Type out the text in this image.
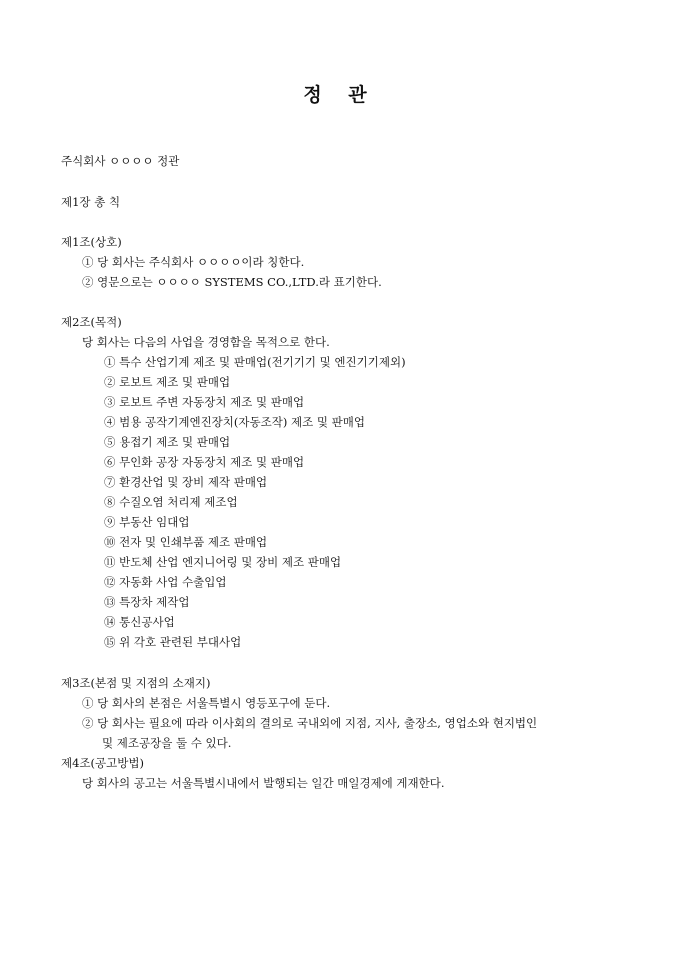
정 관
주식회사 ㅇㅇㅇㅇ 정관
제1장 총 칙
제1조(상호)
① 당 회사는 주식회사 ㅇㅇㅇㅇ이라 칭한다.
② 영문으로는 ㅇㅇㅇㅇ SYSTEMS CO.,LTD.라 표기한다.
제2조(목적)
당 회사는 다음의 사업을 경영함을 목적으로 한다.
① 특수 산업기계 제조 및 판매업(전기기기 및 엔진기기제외)
② 로보트 제조 및 판매업
③ 로보트 주변 자동장치 제조 및 판매업
④ 범용 공작기계엔진장치(자동조작) 제조 및 판매업
⑤ 용접기 제조 및 판매업
⑥ 무인화 공장 자동장치 제조 및 판매업
⑦ 환경산업 및 장비 제작 판매업
⑧ 수질오염 처리제 제조업
⑨ 부동산 임대업
⑩ 전자 및 인쇄부품 제조 판매업
⑪ 반도체 산업 엔지니어링 및 장비 제조 판매업
⑫ 자동화 사업 수출입업
⑬ 특장차 제작업
⑭ 통신공사업
⑮ 위 각호 관련된 부대사업
제3조(본점 및 지점의 소재지)
① 당 회사의 본점은 서울특별시 영등포구에 둔다.
② 당 회사는 필요에 따라 이사회의 결의로 국내외에 지점, 지사, 출장소, 영업소와 현지법인
및 제조공장을 둘 수 있다.
제4조(공고방법)
당 회사의 공고는 서울특별시내에서 발행되는 일간 매일경제에 게재한다.
